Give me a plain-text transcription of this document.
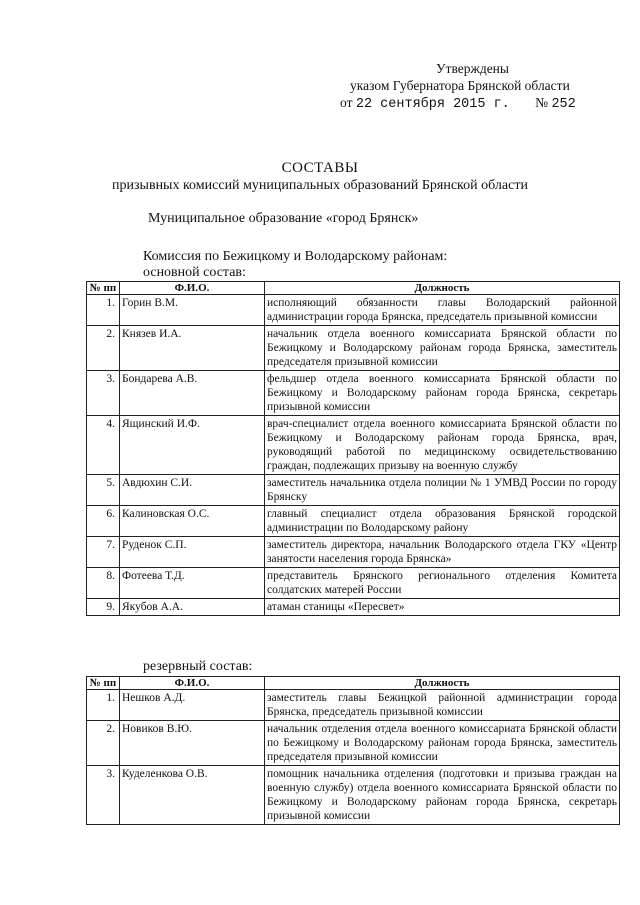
Утверждены
указом Губернатора Брянской области
от 22 сентября 2015 г. № 252
СОСТАВЫ
призывных комиссий муниципальных образований Брянской области
Муниципальное образование «город Брянск»
Комиссия по Бежицкому и Володарскому районам:
основной состав:
№ пп	Ф.И.О.	Должность
1.	Горин В.М.	исполняющий обязанности главы Володарский районной администрации города Брянска, председатель призывной комиссии
2.	Князев И.А.	начальник отдела военного комиссариата Брянской области по Бежицкому и Володарскому районам города Брянска, заместитель председателя призывной комиссии
3.	Бондарева А.В.	фельдшер отдела военного комиссариата Брянской области по Бежицкому и Володарскому районам города Брянска, секретарь призывной комиссии
4.	Ящинский И.Ф.	врач-специалист отдела военного комиссариата Брянской области по Бежицкому и Володарскому районам города Брянска, врач, руководящий работой по медицинскому освидетельствованию граждан, подлежащих призыву на военную службу
5.	Авдюхин С.И.	заместитель начальника отдела полиции № 1 УМВД России по городу Брянску
6.	Калиновская О.С.	главный специалист отдела образования Брянской городской администрации по Володарскому району
7.	Руденок С.П.	заместитель директора, начальник Володарского отдела ГКУ «Центр занятости населения города Брянска»
8.	Фотеева Т.Д.	представитель Брянского регионального отделения Комитета солдатских матерей России
9.	Якубов А.А.	атаман станицы «Пересвет»
резервный состав:
№ пп	Ф.И.О.	Должность
1.	Нешков А.Д.	заместитель главы Бежицкой районной администрации города Брянска, председатель призывной комиссии
2.	Новиков В.Ю.	начальник отделения отдела военного комиссариата Брянской области по Бежицкому и Володарскому районам города Брянска, заместитель председателя призывной комиссии
3.	Куделенкова О.В.	помощник начальника отделения (подготовки и призыва граждан на военную службу) отдела военного комиссариата Брянской области по Бежицкому и Володарскому районам города Брянска, секретарь призывной комиссии
